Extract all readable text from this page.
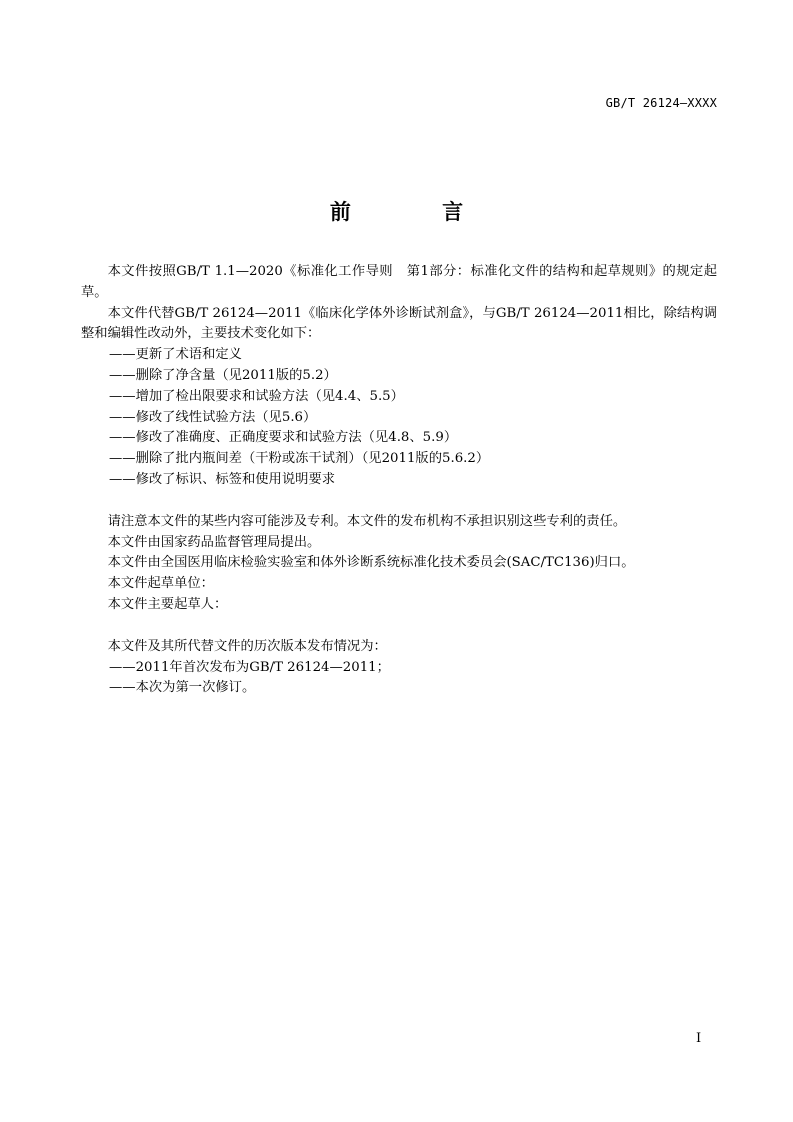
GB/T 26124—XXXX
前 言

本文件按照GB/T 1.1—2020《标准化工作导则　第1部分：标准化文件的结构和起草规则》的规定起草。

本文件代替GB/T 26124—2011《临床化学体外诊断试剂盒》，与GB/T 26124—2011相比，除结构调整和编辑性改动外，主要技术变化如下：

——更新了术语和定义
——删除了净含量（见2011版的5.2）
——增加了检出限要求和试验方法（见4.4、5.5）
——修改了线性试验方法（见5.6）
——修改了准确度、正确度要求和试验方法（见4.8、5.9）
——删除了批内瓶间差（干粉或冻干试剂）（见2011版的5.6.2）
——修改了标识、标签和使用说明要求

请注意本文件的某些内容可能涉及专利。本文件的发布机构不承担识别这些专利的责任。

本文件由国家药品监督管理局提出。

本文件由全国医用临床检验实验室和体外诊断系统标准化技术委员会(SAC/TC136)归口。

本文件起草单位：

本文件主要起草人：

本文件及其所代替文件的历次版本发布情况为：

——2011年首次发布为GB/T 26124—2011；
——本次为第一次修订。
I
